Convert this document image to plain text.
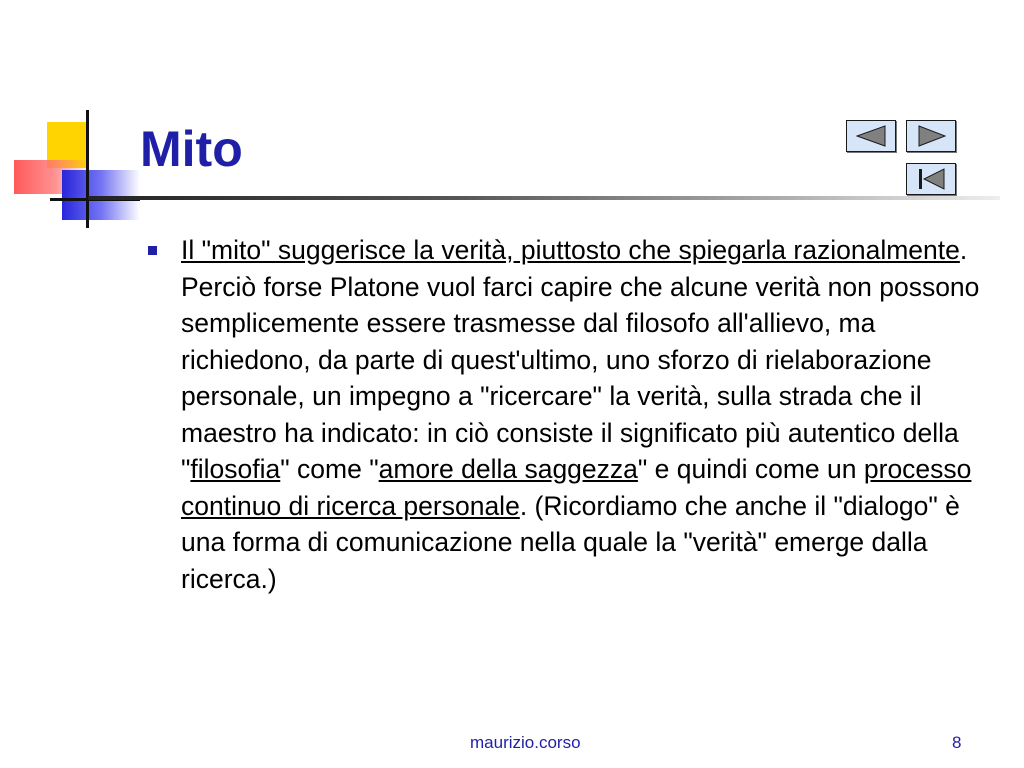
Mito

Il "mito" suggerisce la verità, piuttosto che spiegarla razionalmente. Perciò forse Platone vuol farci capire che alcune verità non possono semplicemente essere trasmesse dal filosofo all'allievo, ma richiedono, da parte di quest'ultimo, uno sforzo di rielaborazione personale, un impegno a "ricercare" la verità, sulla strada che il maestro ha indicato: in ciò consiste il significato più autentico della "filosofia" come "amore della saggezza" e quindi come un processo continuo di ricerca personale. (Ricordiamo che anche il "dialogo" è una forma di comunicazione nella quale la "verità" emerge dalla ricerca.)

maurizio.corso	8
